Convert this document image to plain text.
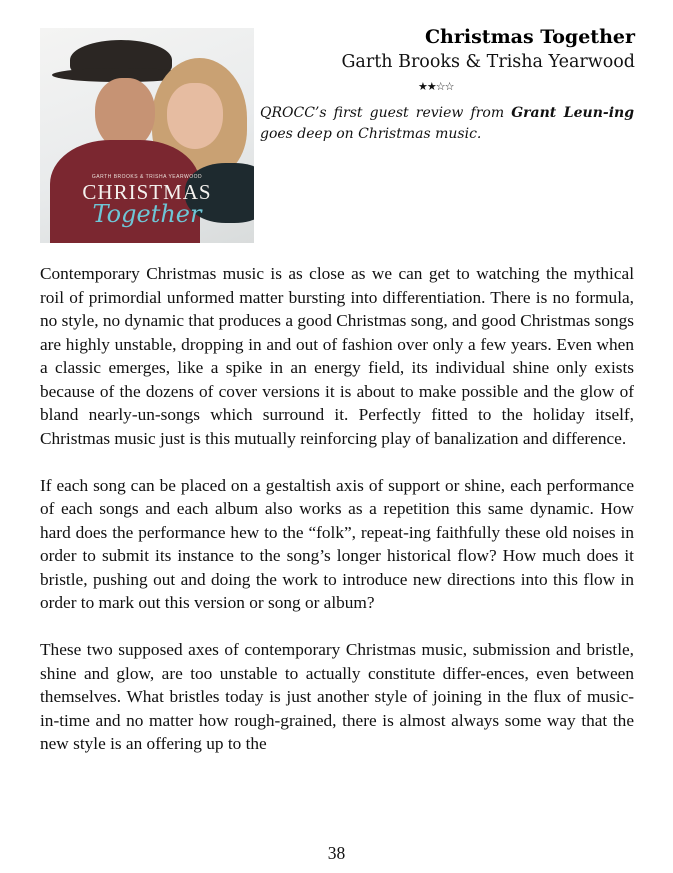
GARTH BROOKS & TRISHA YEARWOOD
CHRISTMAS
Together
Christmas Together
Garth Brooks & Trisha Yearwood
★★☆☆
QROCC’s first guest review from Grant Leun-ing goes deep on Christmas music.

Contemporary Christmas music is as close as we can get to watching the mythical roil of primordial unformed matter bursting into differentiation. There is no formula, no style, no dynamic that produces a good Christmas song, and good Christmas songs are highly unstable, dropping in and out of fashion over only a few years. Even when a classic emerges, like a spike in an energy field, its individual shine only exists because of the dozens of cover versions it is about to make possible and the glow of bland nearly-un-songs which surround it. Perfectly fitted to the holiday itself, Christmas music just is this mutually reinforcing play of banalization and difference.

If each song can be placed on a gestaltish axis of support or shine, each performance of each songs and each album also works as a repetition this same dynamic. How hard does the performance hew to the “folk”, repeat-ing faithfully these old noises in order to submit its instance to the song’s longer historical flow? How much does it bristle, pushing out and doing the work to introduce new directions into this flow in order to mark out this version or song or album?

These two supposed axes of contemporary Christmas music, submission and bristle, shine and glow, are too unstable to actually constitute differ-ences, even between themselves. What bristles today is just another style of joining in the flux of music-in-time and no matter how rough-grained, there is almost always some way that the new style is an offering up to the

38
